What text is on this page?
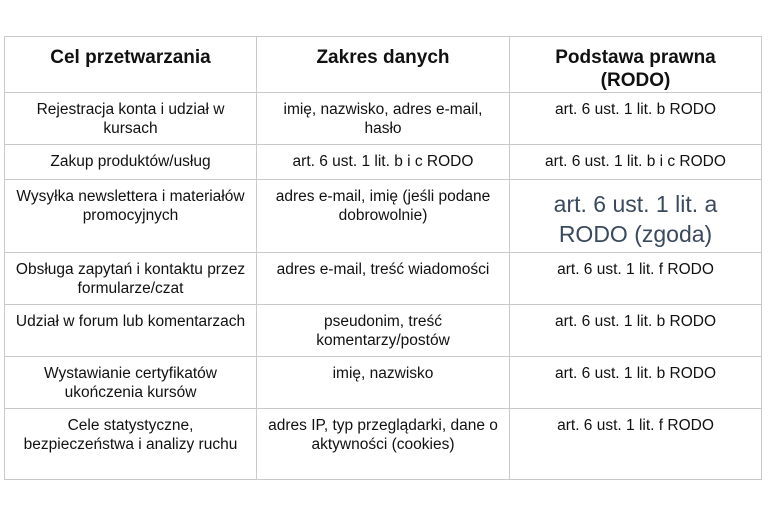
Cel przetwarzania	Zakres danych	Podstawa prawna (RODO)
Rejestracja konta i udział w kursach	imię, nazwisko, adres e-mail, hasło	art. 6 ust. 1 lit. b RODO
Zakup produktów/usług	art. 6 ust. 1 lit. b i c RODO	art. 6 ust. 1 lit. b i c RODO
Wysyłka newslettera i materiałów promocyjnych	adres e-mail, imię (jeśli podane dobrowolnie)	art. 6 ust. 1 lit. a RODO (zgoda)
Obsługa zapytań i kontaktu przez formularze/czat	adres e-mail, treść wiadomości	art. 6 ust. 1 lit. f RODO
Udział w forum lub komentarzach	pseudonim, treść komentarzy/postów	art. 6 ust. 1 lit. b RODO
Wystawianie certyfikatów ukończenia kursów	imię, nazwisko	art. 6 ust. 1 lit. b RODO
Cele statystyczne, bezpieczeństwa i analizy ruchu	adres IP, typ przeglądarki, dane o aktywności (cookies)	art. 6 ust. 1 lit. f RODO
